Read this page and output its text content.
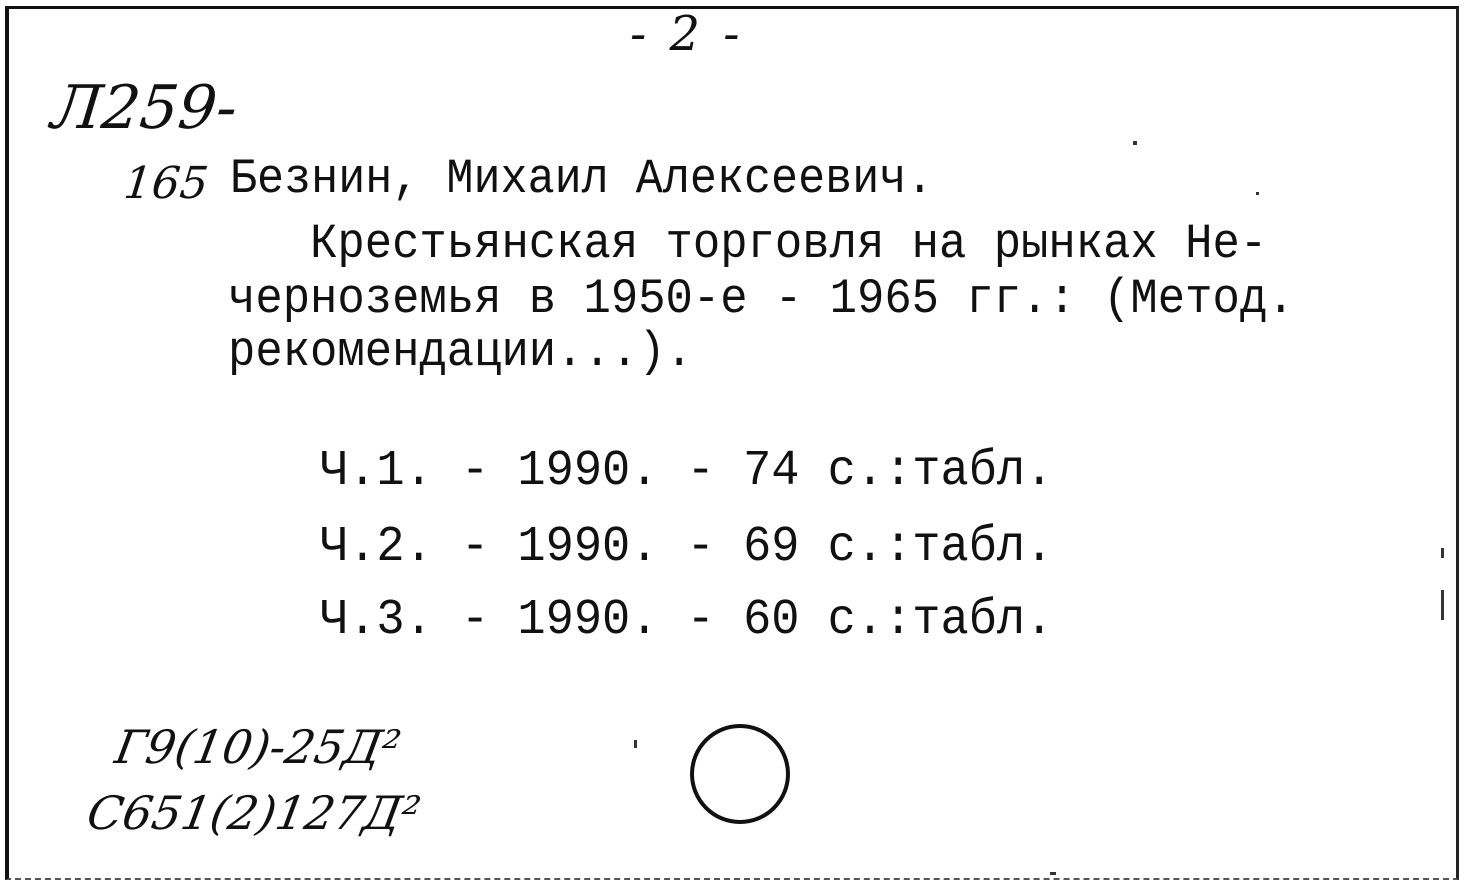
- 2 -
Л259-
165 Безнин, Михаил Алексеевич.
Крестьянская торговля на рынках Не-
черноземья в 1950-е - 1965 гг.: (Метод.
рекомендации...).
Ч.1. - 1990. - 74 с.:табл.
Ч.2. - 1990. - 69 с.:табл.
Ч.3. - 1990. - 60 с.:табл.
Г9(10)-25Д²
С651(2)127Д²
